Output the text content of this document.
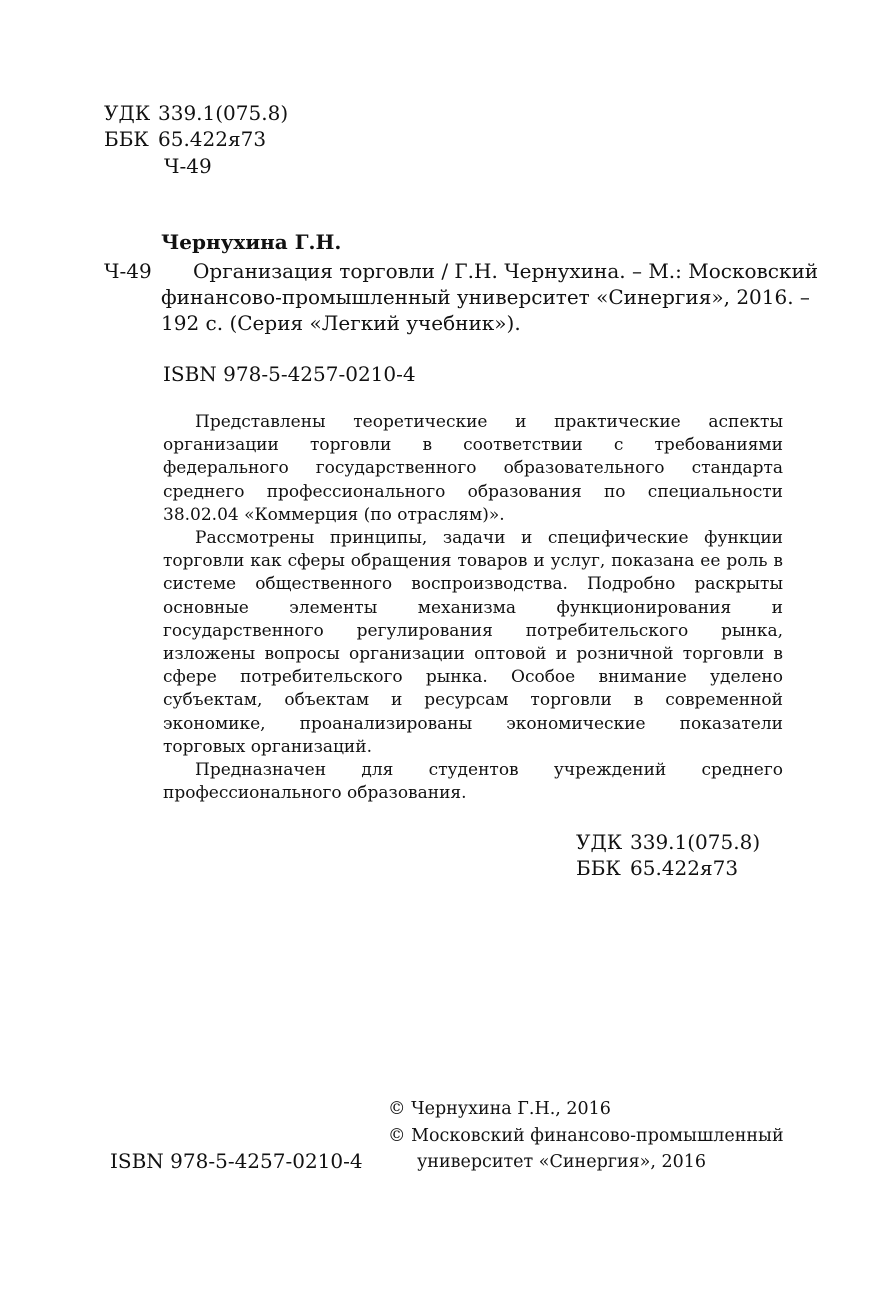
УДК 339.1(075.8)
ББК 65.422я73
Ч-49
Чернухина Г.Н.
Ч-49 Организация торговли / Г.Н. Чернухина. – М.: Московский
финансово-промышленный университет «Синергия», 2016. –
192 с. (Серия «Легкий учебник»).
ISBN 978-5-4257-0210-4

Представлены теоретические и практические аспекты организации торговли в соответствии с требованиями федерального государственного образовательного стандарта среднего профессионального образования по специальности 38.02.04 «Коммерция (по отраслям)».

Рассмотрены принципы, задачи и специфические функции торговли как сферы обращения товаров и услуг, показана ее роль в системе общественного воспроизводства. Подробно раскрыты основные элементы механизма функционирования и государственного регулирования потребительского рынка, изложены вопросы организации оптовой и розничной торговли в сфере потребительского рынка. Особое внимание уделено субъектам, объектам и ресурсам торговли в современной экономике, проанализированы экономические показатели торговых организаций.

Предназначен для студентов учреждений среднего профессионального образования.

УДК 339.1(075.8)
ББК 65.422я73
© Чернухина Г.Н., 2016
© Московский финансово-промышленный
университет «Синергия», 2016
ISBN 978-5-4257-0210-4
